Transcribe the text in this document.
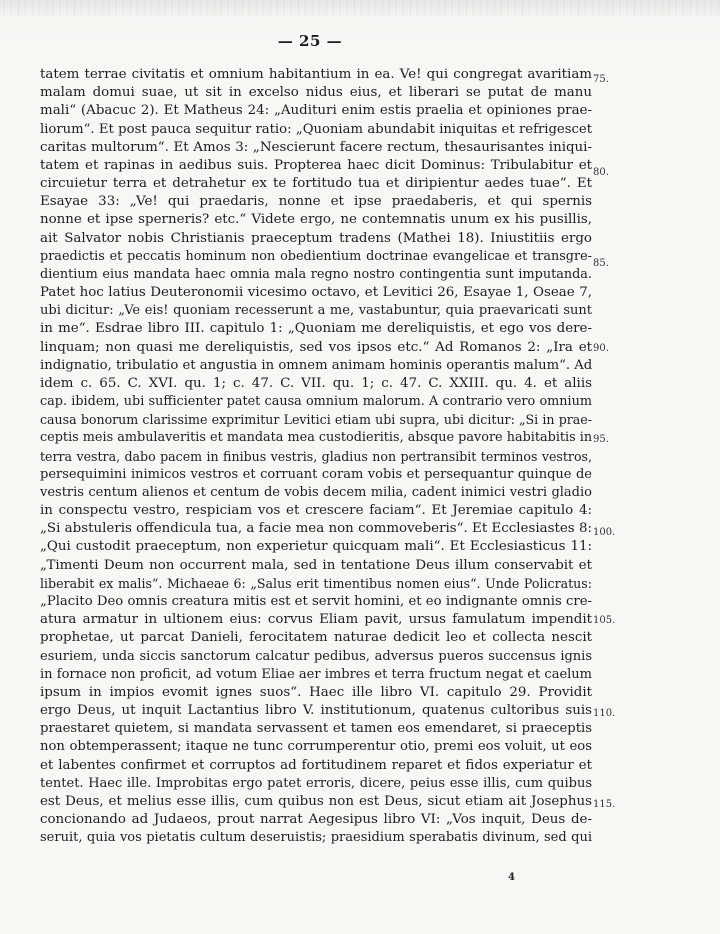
— 25 —
tatem terrae civitatis et omnium habitantium in ea. Ve! qui congregat avaritiam
malam domui suae, ut sit in excelso nidus eius, et liberari se putat de manu
mali“ (Abacuc 2). Et Matheus 24: „Audituri enim estis praelia et opiniones prae-
liorum“. Et post pauca sequitur ratio: „Quoniam abundabit iniquitas et refrigescet
caritas multorum“. Et Amos 3: „Nescierunt facere rectum, thesaurisantes iniqui-
tatem et rapinas in aedibus suis. Propterea haec dicit Dominus: Tribulabitur et
circuietur terra et detrahetur ex te fortitudo tua et diripientur aedes tuae“. Et
Esayae 33: „Ve! qui praedaris, nonne et ipse praedaberis, et qui spernis
nonne et ipse sperneris? etc.“ Videte ergo, ne contemnatis unum ex his pusillis,
ait Salvator nobis Christianis praeceptum tradens (Mathei 18). Iniustitiis ergo
praedictis et peccatis hominum non obedientium doctrinae evangelicae et transgre-
dientium eius mandata haec omnia mala regno nostro contingentia sunt imputanda.
Patet hoc latius Deuteronomii vicesimo octavo, et Levitici 26, Esayae 1, Oseae 7,
ubi dicitur: „Ve eis! quoniam recesserunt a me, vastabuntur, quia praevaricati sunt
in me“. Esdrae libro III. capitulo 1: „Quoniam me dereliquistis, et ego vos dere-
linquam; non quasi me dereliquistis, sed vos ipsos etc.“ Ad Romanos 2: „Ira et
indignatio, tribulatio et angustia in omnem animam hominis operantis malum“. Ad
idem c. 65. C. XVI. qu. 1; c. 47. C. VII. qu. 1; c. 47. C. XXIII. qu. 4. et aliis
cap. ibidem, ubi sufficienter patet causa omnium malorum. A contrario vero omnium
causa bonorum clarissime exprimitur Levitici etiam ubi supra, ubi dicitur: „Si in prae-
ceptis meis ambulaveritis et mandata mea custodieritis, absque pavore habitabitis in
terra vestra, dabo pacem in finibus vestris, gladius non pertransibit terminos vestros,
persequimini inimicos vestros et corruant coram vobis et persequantur quinque de
vestris centum alienos et centum de vobis decem milia, cadent inimici vestri gladio
in conspectu vestro, respiciam vos et crescere faciam“. Et Jeremiae capitulo 4:
„Si abstuleris offendicula tua, a facie mea non commoveberis“. Et Ecclesiastes 8:
„Qui custodit praeceptum, non experietur quicquam mali“. Et Ecclesiasticus 11:
„Timenti Deum non occurrent mala, sed in tentatione Deus illum conservabit et
liberabit ex malis“. Michaeae 6: „Salus erit timentibus nomen eius“. Unde Policratus:
„Placito Deo omnis creatura mitis est et servit homini, et eo indignante omnis cre-
atura armatur in ultionem eius: corvus Eliam pavit, ursus famulatum impendit
prophetae, ut parcat Danieli, ferocitatem naturae dedicit leo et collecta nescit
esuriem, unda siccis sanctorum calcatur pedibus, adversus pueros succensus ignis
in fornace non proficit, ad votum Eliae aer imbres et terra fructum negat et caelum
ipsum in impios evomit ignes suos“. Haec ille libro VI. capitulo 29. Providit
ergo Deus, ut inquit Lactantius libro V. institutionum, quatenus cultoribus suis
praestaret quietem, si mandata servassent et tamen eos emendaret, si praeceptis
non obtemperassent; itaque ne tunc corrumperentur otio, premi eos voluit, ut eos
et labentes confirmet et corruptos ad fortitudinem reparet et fidos experiatur et
tentet. Haec ille. Improbitas ergo patet erroris, dicere, peius esse illis, cum quibus
est Deus, et melius esse illis, cum quibus non est Deus, sicut etiam ait Josephus
concionando ad Judaeos, prout narrat Aegesipus libro VI: „Vos inquit, Deus de-
seruit, quia vos pietatis cultum deseruistis; praesidium sperabatis divinum, sed qui
75.
80.
85.
90.
95.
100.
105.
110.
115.
4
